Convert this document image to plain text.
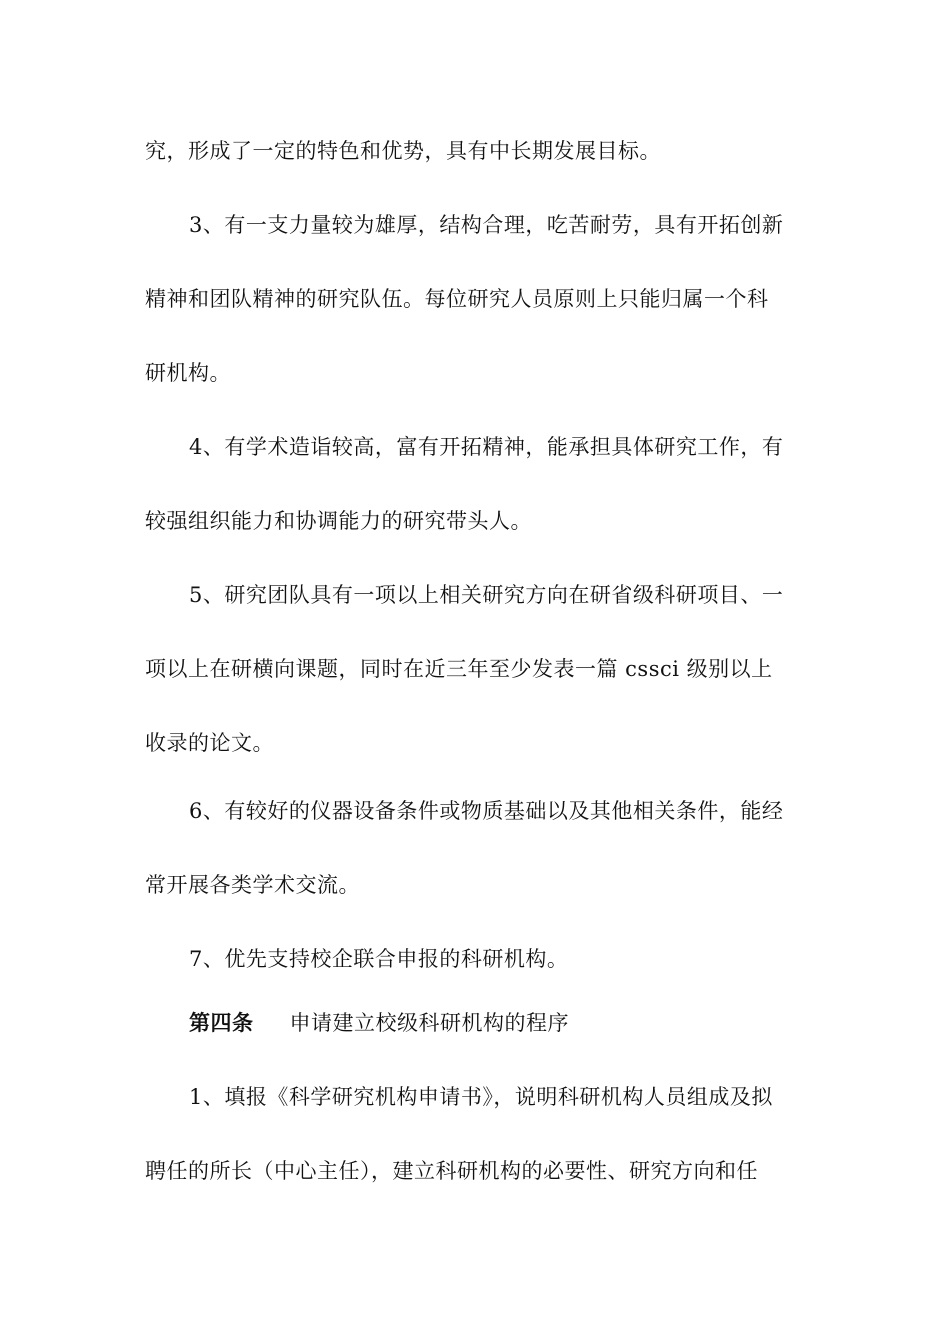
究，形成了一定的特色和优势，具有中长期发展目标。
3、有一支力量较为雄厚，结构合理，吃苦耐劳，具有开拓创新
精神和团队精神的研究队伍。每位研究人员原则上只能归属一个科
研机构。
4、有学术造诣较高，富有开拓精神，能承担具体研究工作，有
较强组织能力和协调能力的研究带头人。
5、研究团队具有一项以上相关研究方向在研省级科研项目、一
项以上在研横向课题，同时在近三年至少发表一篇 cssci 级别以上
收录的论文。
6、有较好的仪器设备条件或物质基础以及其他相关条件，能经
常开展各类学术交流。
7、优先支持校企联合申报的科研机构。
第四条 申请建立校级科研机构的程序
1、填报《科学研究机构申请书》，说明科研机构人员组成及拟
聘任的所长（中心主任），建立科研机构的必要性、研究方向和任
